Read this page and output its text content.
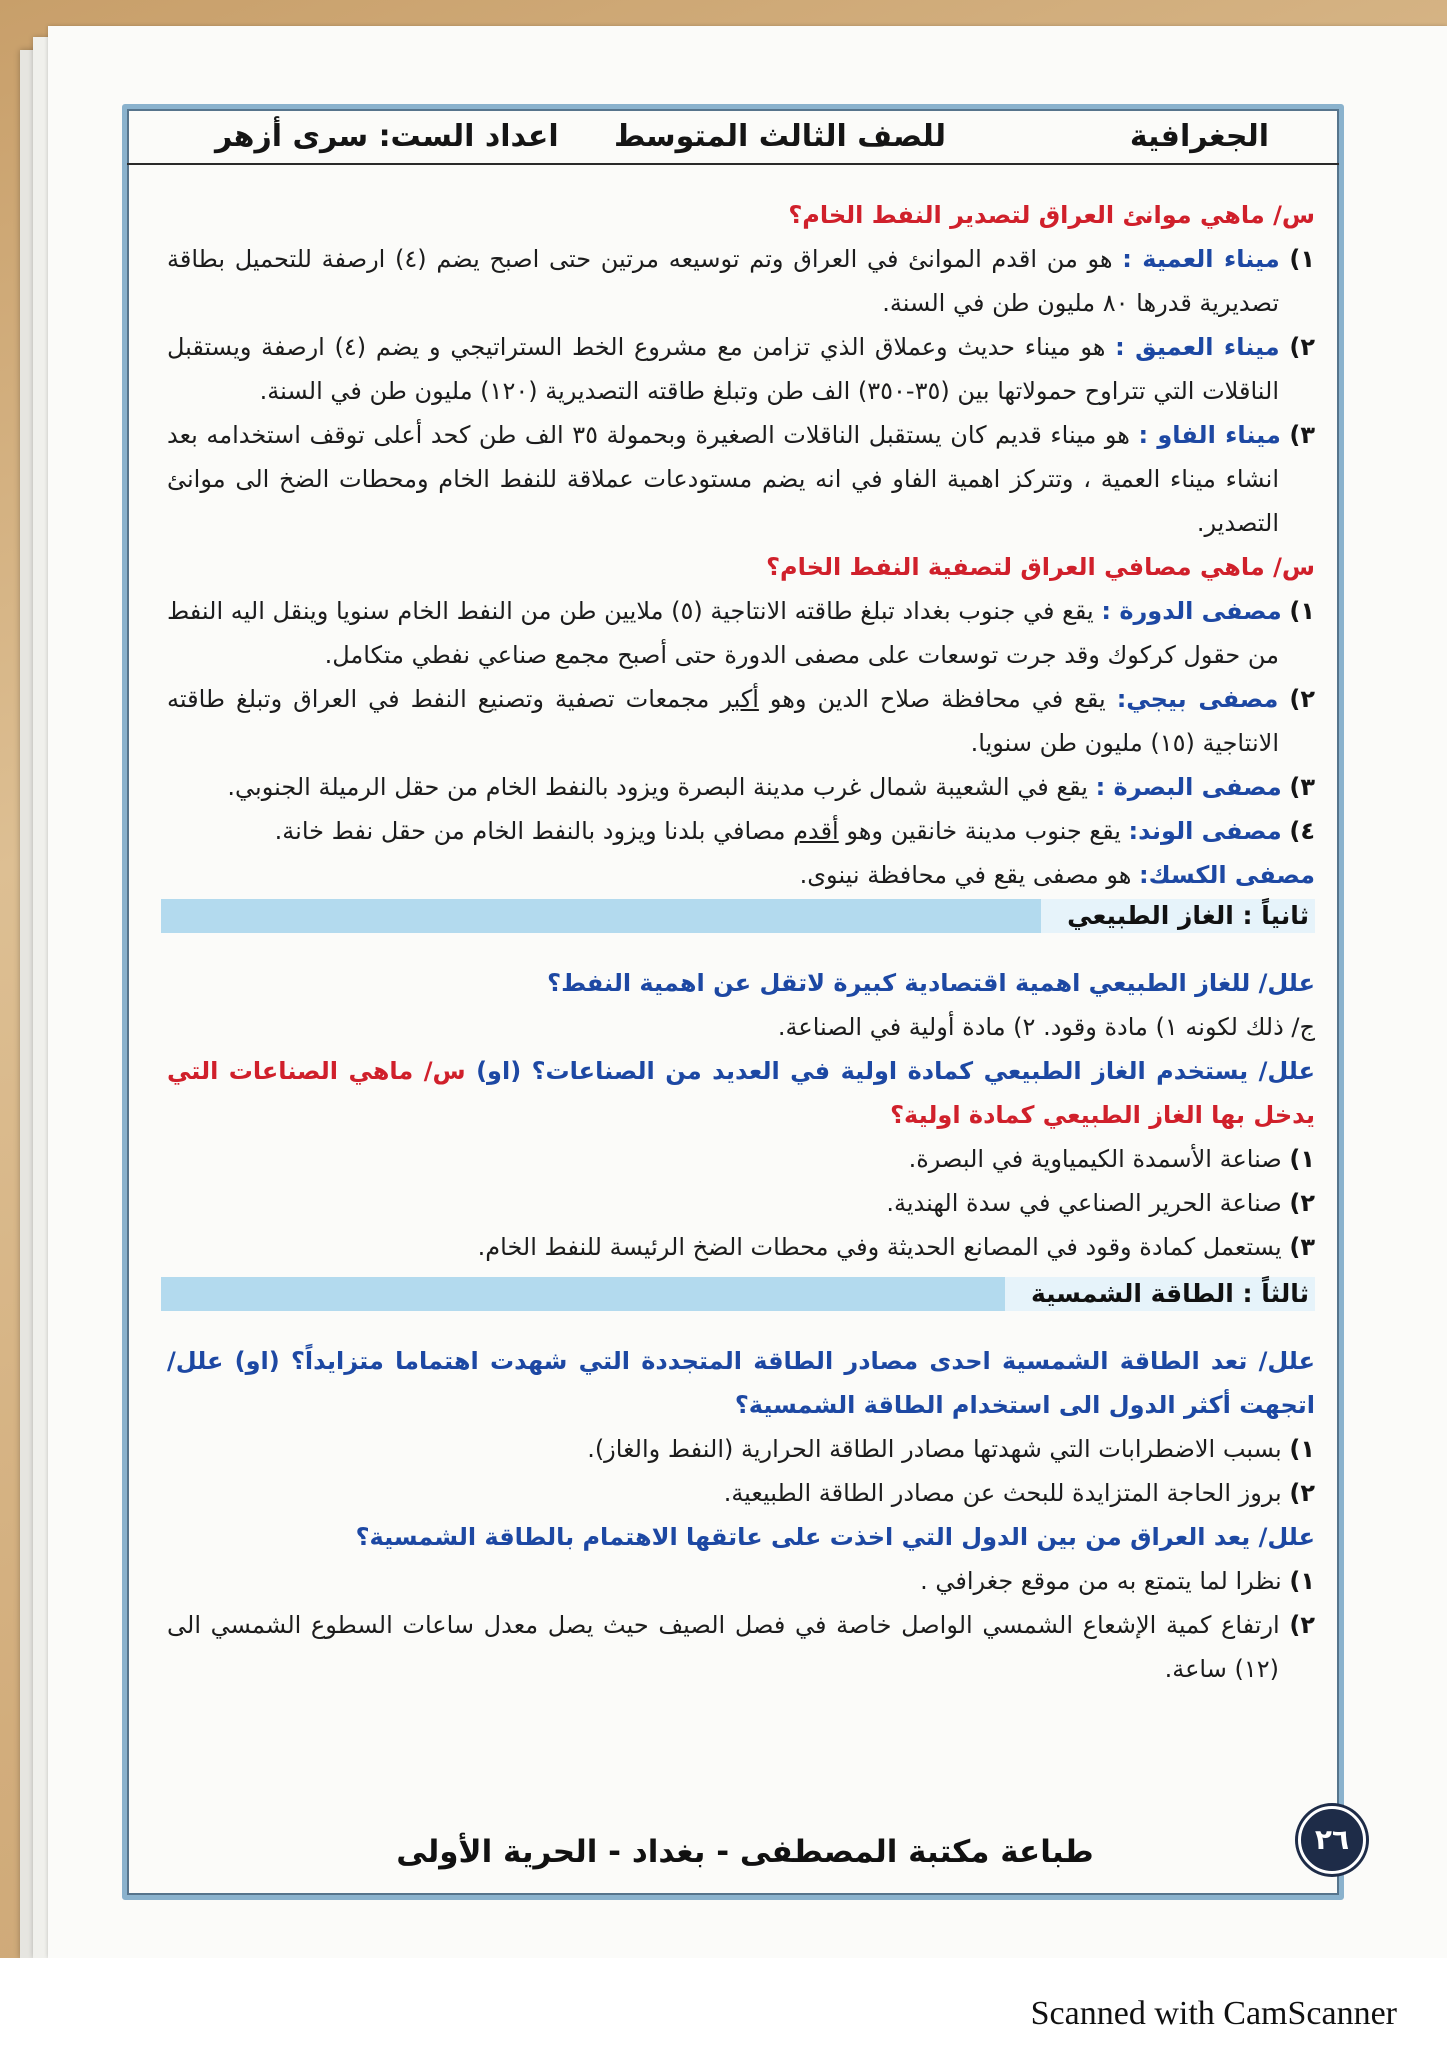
الجغرافية
للصف الثالث المتوسط
اعداد الست: سرى أزهر

س/ ماهي موانئ العراق لتصدير النفط الخام؟

١) ميناء العمية : هو من اقدم الموانئ في العراق وتم توسيعه مرتين حتى اصبح يضم (٤) ارصفة للتحميل بطاقة تصديرية قدرها ٨٠ مليون طن في السنة.

٢) ميناء العميق : هو ميناء حديث وعملاق الذي تزامن مع مشروع الخط الستراتيجي و يضم (٤) ارصفة ويستقبل الناقلات التي تتراوح حمولاتها بين (٣٥-٣٥٠) الف طن وتبلغ طاقته التصديرية (١٢٠) مليون طن في السنة.

٣) ميناء الفاو : هو ميناء قديم كان يستقبل الناقلات الصغيرة وبحمولة ٣٥ الف طن كحد أعلى توقف استخدامه بعد انشاء ميناء العمية ، وتتركز اهمية الفاو في انه يضم مستودعات عملاقة للنفط الخام ومحطات الضخ الى موانئ التصدير.

س/ ماهي مصافي العراق لتصفية النفط الخام؟

١) مصفى الدورة : يقع في جنوب بغداد تبلغ طاقته الانتاجية (٥) ملايين طن من النفط الخام سنويا وينقل اليه النفط من حقول كركوك وقد جرت توسعات على مصفى الدورة حتى أصبح مجمع صناعي نفطي متكامل.

٢) مصفى بيجي: يقع في محافظة صلاح الدين وهو أكبر مجمعات تصفية وتصنيع النفط في العراق وتبلغ طاقته الانتاجية (١٥) مليون طن سنويا.

٣) مصفى البصرة : يقع في الشعيبة شمال غرب مدينة البصرة ويزود بالنفط الخام من حقل الرميلة الجنوبي.

٤) مصفى الوند: يقع جنوب مدينة خانقين وهو أقدم مصافي بلدنا ويزود بالنفط الخام من حقل نفط خانة.

مصفى الكسك: هو مصفى يقع في محافظة نينوى.

ثانياً : الغاز الطبيعي

علل/ للغاز الطبيعي اهمية اقتصادية كبيرة لاتقل عن اهمية النفط؟

ج/ ذلك لكونه ١) مادة وقود. ٢) مادة أولية في الصناعة.

علل/ يستخدم الغاز الطبيعي كمادة اولية في العديد من الصناعات؟ (او) س/ ماهي الصناعات التي يدخل بها الغاز الطبيعي كمادة اولية؟

١) صناعة الأسمدة الكيمياوية في البصرة.

٢) صناعة الحرير الصناعي في سدة الهندية.

٣) يستعمل كمادة وقود في المصانع الحديثة وفي محطات الضخ الرئيسة للنفط الخام.

ثالثاً : الطاقة الشمسية

علل/ تعد الطاقة الشمسية احدى مصادر الطاقة المتجددة التي شهدت اهتماما متزايداً؟ (او) علل/ اتجهت أكثر الدول الى استخدام الطاقة الشمسية؟

١) بسبب الاضطرابات التي شهدتها مصادر الطاقة الحرارية (النفط والغاز).

٢) بروز الحاجة المتزايدة للبحث عن مصادر الطاقة الطبيعية.

علل/ يعد العراق من بين الدول التي اخذت على عاتقها الاهتمام بالطاقة الشمسية؟

١) نظرا لما يتمتع به من موقع جغرافي .

٢) ارتفاع كمية الإشعاع الشمسي الواصل خاصة في فصل الصيف حيث يصل معدل ساعات السطوع الشمسي الى (١٢) ساعة.

طباعة مكتبة المصطفى - بغداد - الحرية الأولى	٢٦
Scanned with CamScanner
